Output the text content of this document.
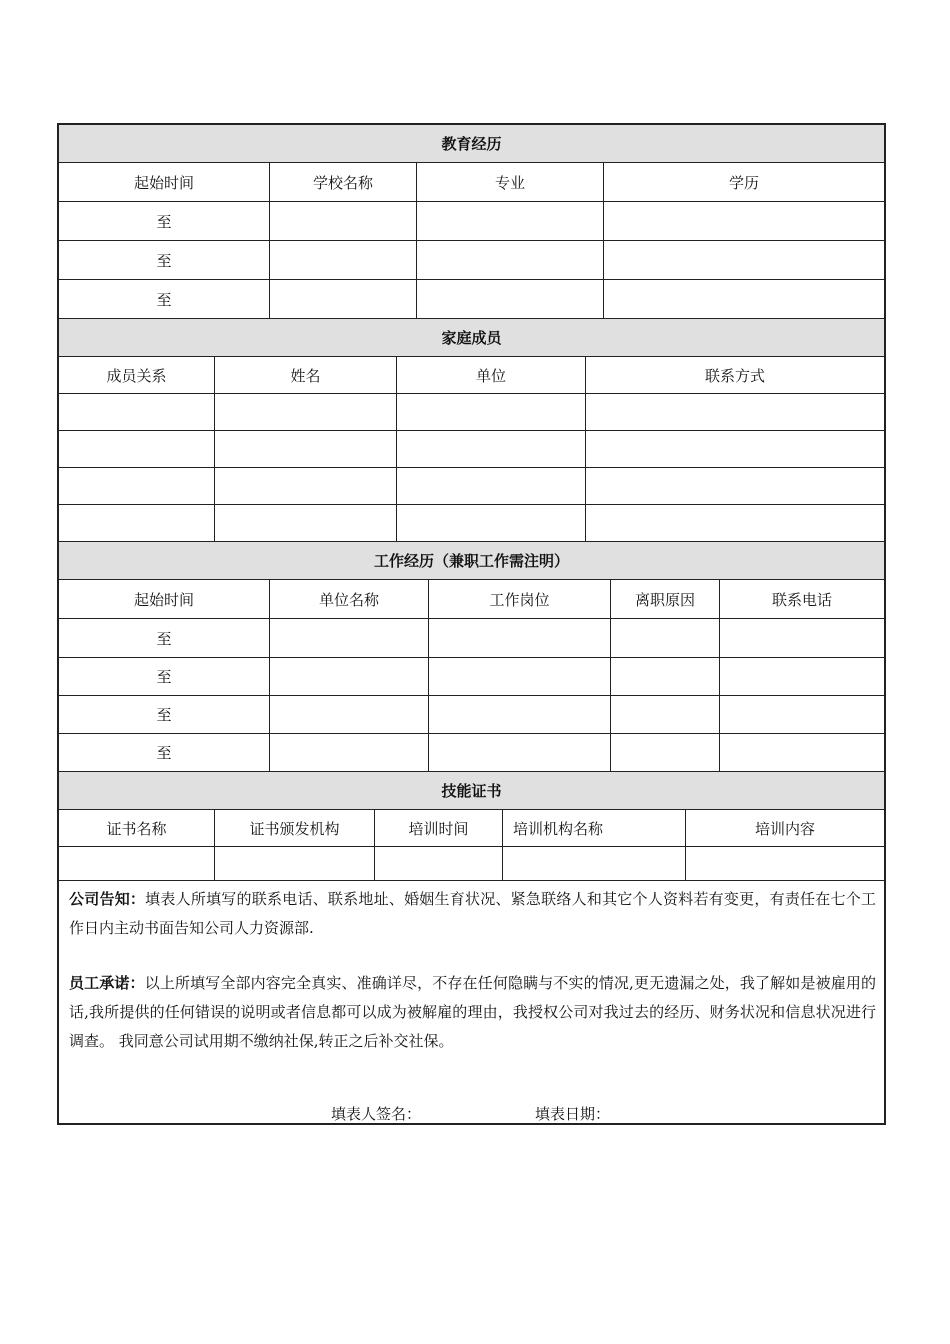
教育经历
起始时间	学校名称	专业	学历
至
至
至
家庭成员
成员关系	姓名	单位	联系方式
工作经历（兼职工作需注明）
起始时间	单位名称	工作岗位	离职原因	联系电话
至
至
至
至
技能证书
证书名称	证书颁发机构	培训时间	培训机构名称	培训内容
公司告知：填表人所填写的联系电话、联系地址、婚姻生育状况、紧急联络人和其它个人资料若有变更，有责任在七个工作日内主动书面告知公司人力资源部.
员工承诺：以上所填写全部内容完全真实、准确详尽，不存在任何隐瞒与不实的情况,更无遗漏之处，我了解如是被雇用的话,我所提供的任何错误的说明或者信息都可以成为被解雇的理由，我授权公司对我过去的经历、财务状况和信息状况进行调查。 我同意公司试用期不缴纳社保,转正之后补交社保。
填表人签名：	填表日期：
